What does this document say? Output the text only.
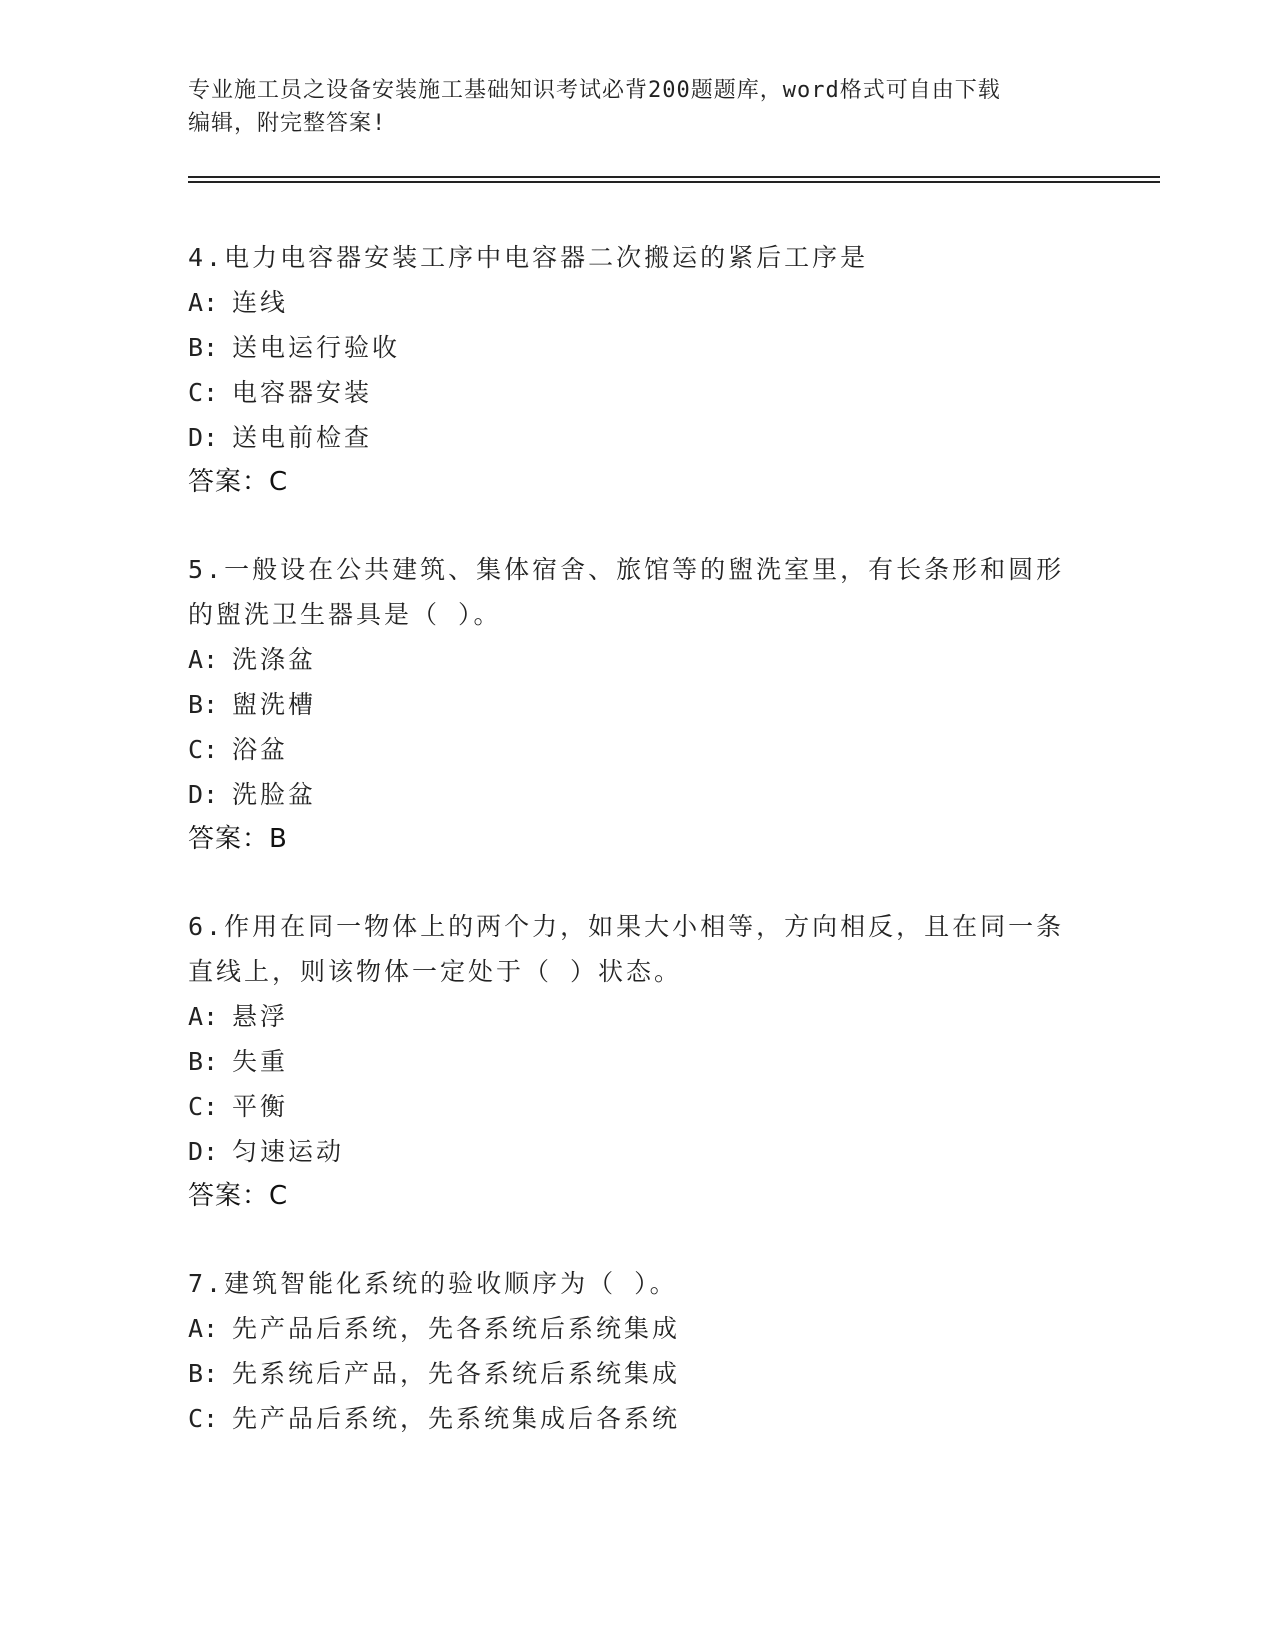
专业施工员之设备安装施工基础知识考试必背200题题库，word格式可自由下载
编辑，附完整答案!
4.电力电容器安装工序中电容器二次搬运的紧后工序是
A: 连线
B: 送电运行验收
C: 电容器安装
D: 送电前检查
答案：C
5.一般设在公共建筑、集体宿舍、旅馆等的盥洗室里，有长条形和圆形的盥洗卫生器具是（ ）。
A: 洗涤盆
B: 盥洗槽
C: 浴盆
D: 洗脸盆
答案：B
6.作用在同一物体上的两个力，如果大小相等，方向相反，且在同一条直线上，则该物体一定处于（ ）状态。
A: 悬浮
B: 失重
C: 平衡
D: 匀速运动
答案：C
7.建筑智能化系统的验收顺序为（ ）。
A: 先产品后系统，先各系统后系统集成
B: 先系统后产品，先各系统后系统集成
C: 先产品后系统，先系统集成后各系统
